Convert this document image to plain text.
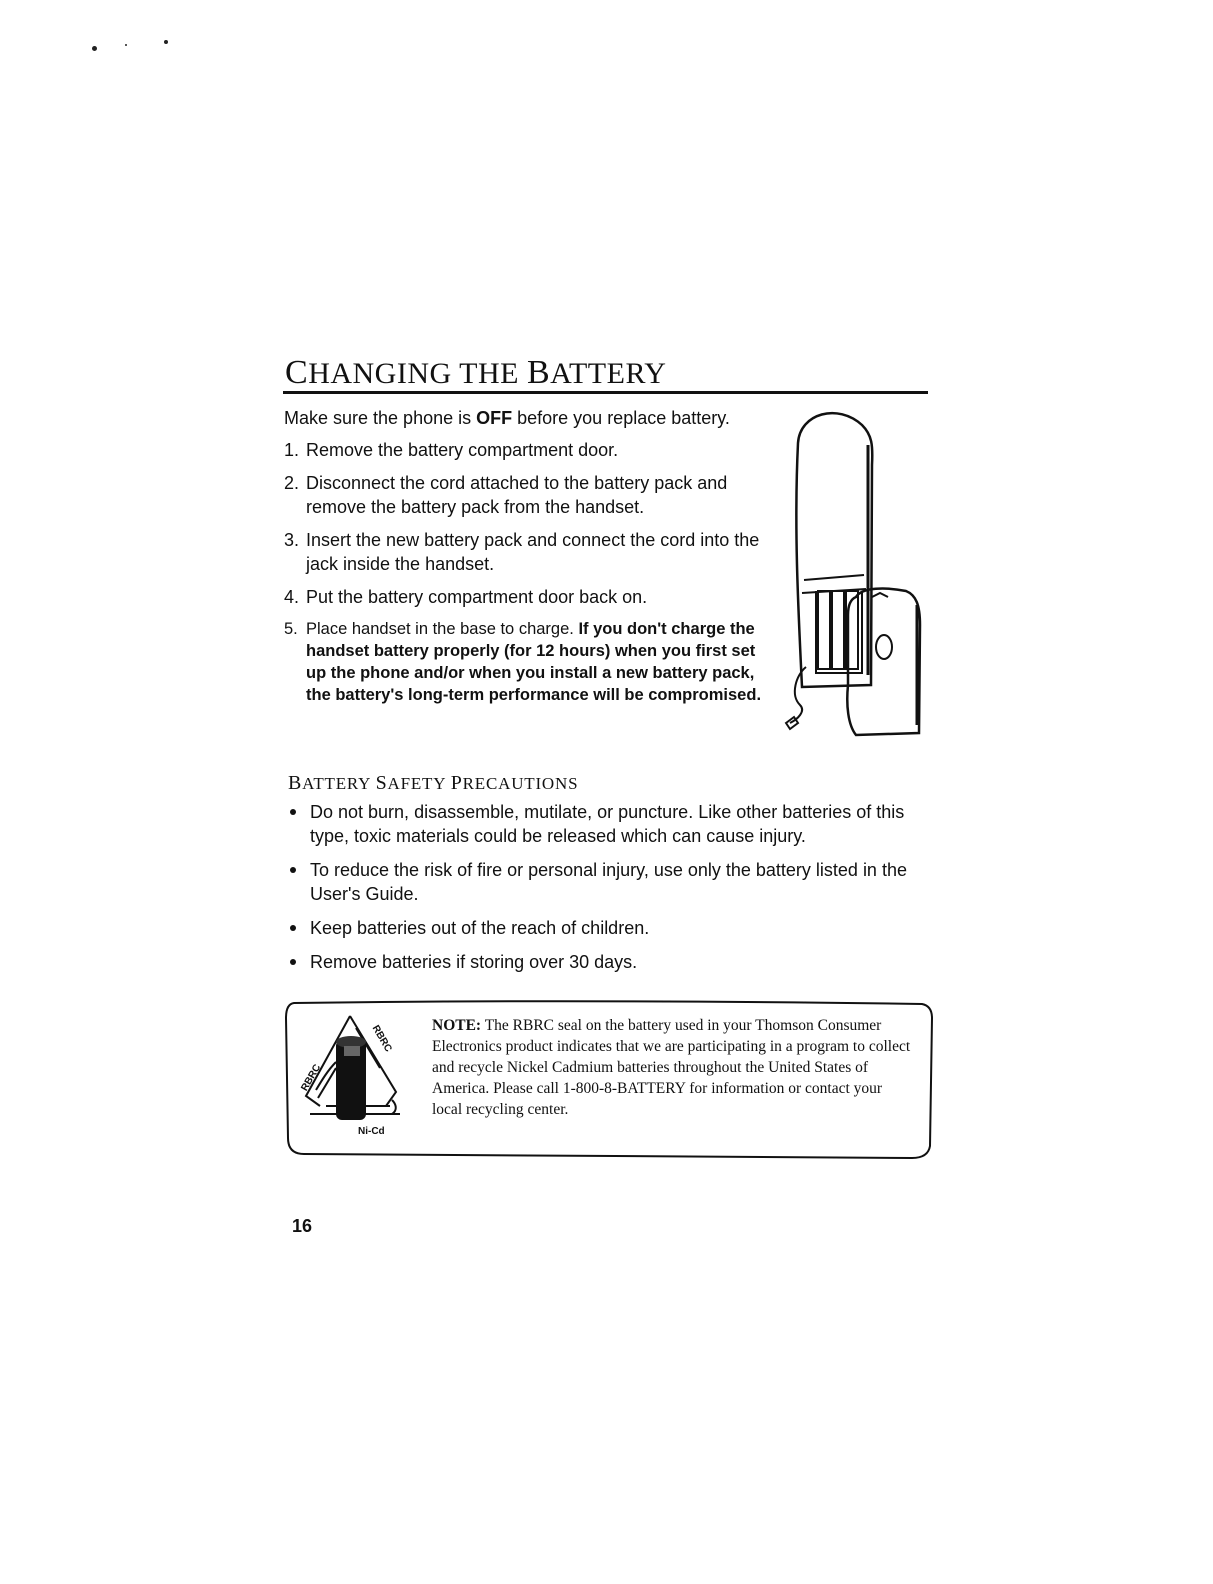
CHANGING THE BATTERY
Make sure the phone is OFF before you replace battery.
1. Remove the battery compartment door.
2. Disconnect the cord attached to the battery pack and remove the battery pack from the handset.
3. Insert the new battery pack and connect the cord into the jack inside the handset.
4. Put the battery compartment door back on.
5. Place handset in the base to charge. If you don't charge the handset battery properly (for 12 hours) when you first set up the phone and/or when you install a new battery pack, the battery's long-term performance will be compromised.
BATTERY SAFETY PRECAUTIONS
Do not burn, disassemble, mutilate, or puncture. Like other batteries of this type, toxic materials could be released which can cause injury.
To reduce the risk of fire or personal injury, use only the battery listed in the User's Guide.
Keep batteries out of the reach of children.
Remove batteries if storing over 30 days.
Ni-Cd
RBRC
RBRC NOTE: The RBRC seal on the battery used in your Thomson Consumer Electronics product indicates that we are participating in a program to collect and recycle Nickel Cadmium batteries throughout the United States of America. Please call 1-800-8-BATTERY for information or contact your local recycling center.
16
